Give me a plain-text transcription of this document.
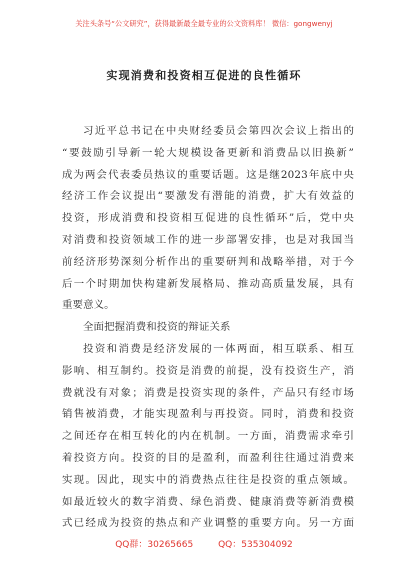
关注头条号“公文研究”，获得最新最全最专业的公文资料库！ 微信：gongwenyj
实现消费和投资相互促进的良性循环
习近平总书记在中央财经委员会第四次会议上指出的
“要鼓励引导新一轮大规模设备更新和消费品以旧换新”
成为两会代表委员热议的重要话题。这是继2023年底中央
经济工作会议提出“要激发有潜能的消费，扩大有效益的
投资，形成消费和投资相互促进的良性循环”后，党中央
对消费和投资领域工作的进一步部署安排，也是对我国当
前经济形势深刻分析作出的重要研判和战略举措，对于今
后一个时期加快构建新发展格局、推动高质量发展，具有
重要意义。
全面把握消费和投资的辩证关系
投资和消费是经济发展的一体两面，相互联系、相互
影响、相互制约。投资是消费的前提，没有投资生产，消
费就没有对象；消费是投资实现的条件，产品只有经市场
销售被消费，才能实现盈利与再投资。同时，消费和投资
之间还存在相互转化的内在机制。一方面，消费需求牵引
着投资方向。投资的目的是盈利，而盈利往往通过消费来
实现。因此，现实中的消费热点往往是投资的重点领域。
如最近较火的数字消费、绿色消费、健康消费等新消费模
式已经成为投资的热点和产业调整的重要方向。另一方面
QQ群：30265665	QQ：535304092
